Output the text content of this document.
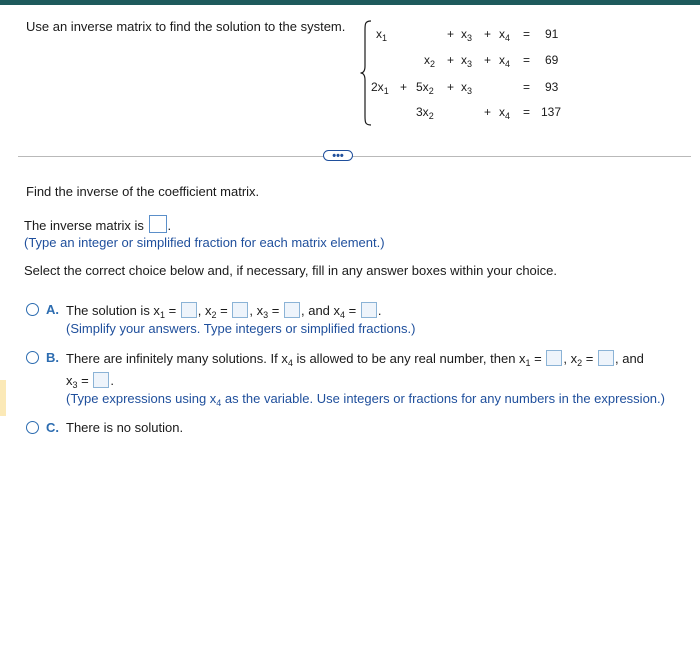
Use an inverse matrix to find the solution to the system.	$x_1$	+ $x_3 + x_4 = 91$
$x_2 + x_3 + x_4 = 69$
$2x_1 + 5x_2 + x_3$	= 93
$3x_2$	+ $x_4 = 137$
•••
Find the inverse of the coefficient matrix.
The inverse matrix is .
(Type an integer or simplified fraction for each matrix element.)
Select the correct choice below and, if necessary, fill in any answer boxes within your choice.
A. The solution is $x_1$ = , $x_2$ = , $x_3$ = , and $x_4$ = .
(Simplify your answers. Type integers or simplified fractions.)
B. There are infinitely many solutions. If $x_4$ is allowed to be any real number, then $x_1$ = , $x_2$ = , and
$x_3$ = .
(Type expressions using $x_4$ as the variable. Use integers or fractions for any numbers in the expression.)
C. There is no solution.
